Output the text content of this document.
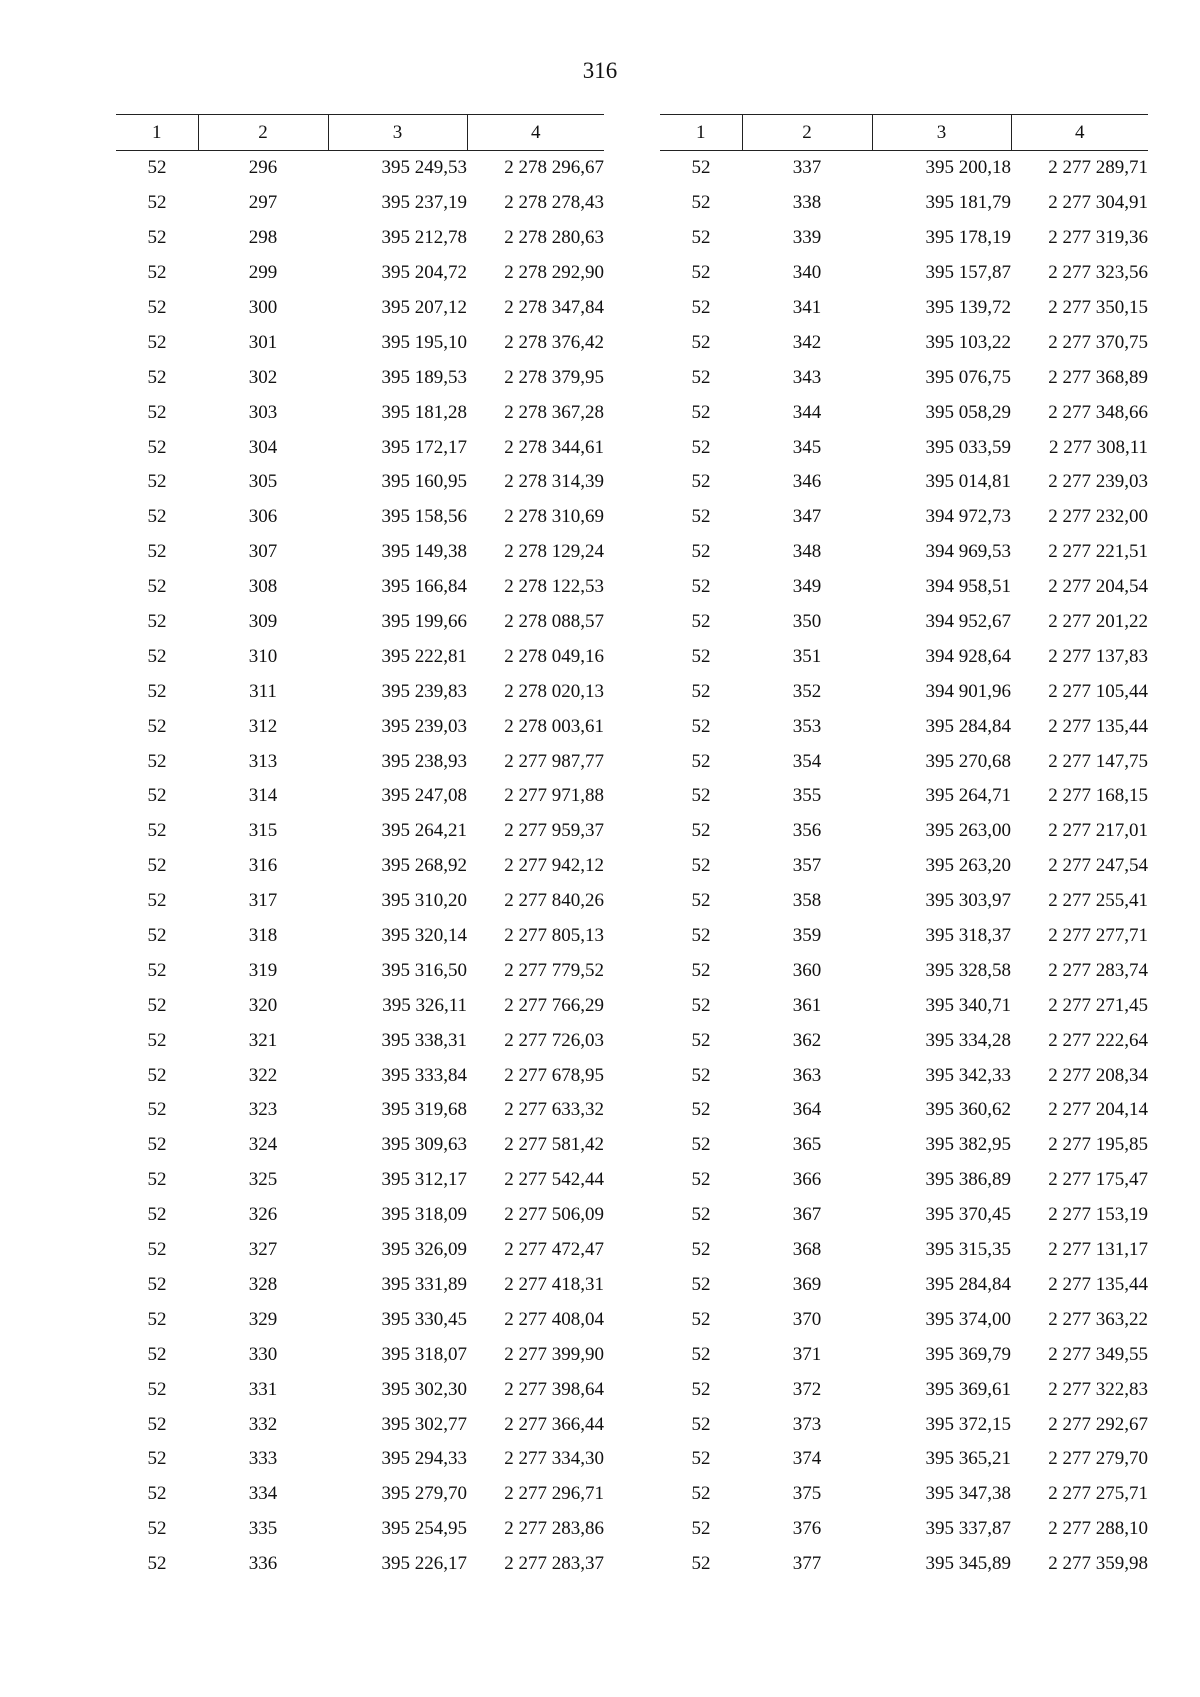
316
1	2	3	4
52	296	395 249,53	2 278 296,67
52	297	395 237,19	2 278 278,43
52	298	395 212,78	2 278 280,63
52	299	395 204,72	2 278 292,90
52	300	395 207,12	2 278 347,84
52	301	395 195,10	2 278 376,42
52	302	395 189,53	2 278 379,95
52	303	395 181,28	2 278 367,28
52	304	395 172,17	2 278 344,61
52	305	395 160,95	2 278 314,39
52	306	395 158,56	2 278 310,69
52	307	395 149,38	2 278 129,24
52	308	395 166,84	2 278 122,53
52	309	395 199,66	2 278 088,57
52	310	395 222,81	2 278 049,16
52	311	395 239,83	2 278 020,13
52	312	395 239,03	2 278 003,61
52	313	395 238,93	2 277 987,77
52	314	395 247,08	2 277 971,88
52	315	395 264,21	2 277 959,37
52	316	395 268,92	2 277 942,12
52	317	395 310,20	2 277 840,26
52	318	395 320,14	2 277 805,13
52	319	395 316,50	2 277 779,52
52	320	395 326,11	2 277 766,29
52	321	395 338,31	2 277 726,03
52	322	395 333,84	2 277 678,95
52	323	395 319,68	2 277 633,32
52	324	395 309,63	2 277 581,42
52	325	395 312,17	2 277 542,44
52	326	395 318,09	2 277 506,09
52	327	395 326,09	2 277 472,47
52	328	395 331,89	2 277 418,31
52	329	395 330,45	2 277 408,04
52	330	395 318,07	2 277 399,90
52	331	395 302,30	2 277 398,64
52	332	395 302,77	2 277 366,44
52	333	395 294,33	2 277 334,30
52	334	395 279,70	2 277 296,71
52	335	395 254,95	2 277 283,86
52	336	395 226,17	2 277 283,37
1	2	3	4
52	337	395 200,18	2 277 289,71
52	338	395 181,79	2 277 304,91
52	339	395 178,19	2 277 319,36
52	340	395 157,87	2 277 323,56
52	341	395 139,72	2 277 350,15
52	342	395 103,22	2 277 370,75
52	343	395 076,75	2 277 368,89
52	344	395 058,29	2 277 348,66
52	345	395 033,59	2 277 308,11
52	346	395 014,81	2 277 239,03
52	347	394 972,73	2 277 232,00
52	348	394 969,53	2 277 221,51
52	349	394 958,51	2 277 204,54
52	350	394 952,67	2 277 201,22
52	351	394 928,64	2 277 137,83
52	352	394 901,96	2 277 105,44
52	353	395 284,84	2 277 135,44
52	354	395 270,68	2 277 147,75
52	355	395 264,71	2 277 168,15
52	356	395 263,00	2 277 217,01
52	357	395 263,20	2 277 247,54
52	358	395 303,97	2 277 255,41
52	359	395 318,37	2 277 277,71
52	360	395 328,58	2 277 283,74
52	361	395 340,71	2 277 271,45
52	362	395 334,28	2 277 222,64
52	363	395 342,33	2 277 208,34
52	364	395 360,62	2 277 204,14
52	365	395 382,95	2 277 195,85
52	366	395 386,89	2 277 175,47
52	367	395 370,45	2 277 153,19
52	368	395 315,35	2 277 131,17
52	369	395 284,84	2 277 135,44
52	370	395 374,00	2 277 363,22
52	371	395 369,79	2 277 349,55
52	372	395 369,61	2 277 322,83
52	373	395 372,15	2 277 292,67
52	374	395 365,21	2 277 279,70
52	375	395 347,38	2 277 275,71
52	376	395 337,87	2 277 288,10
52	377	395 345,89	2 277 359,98
